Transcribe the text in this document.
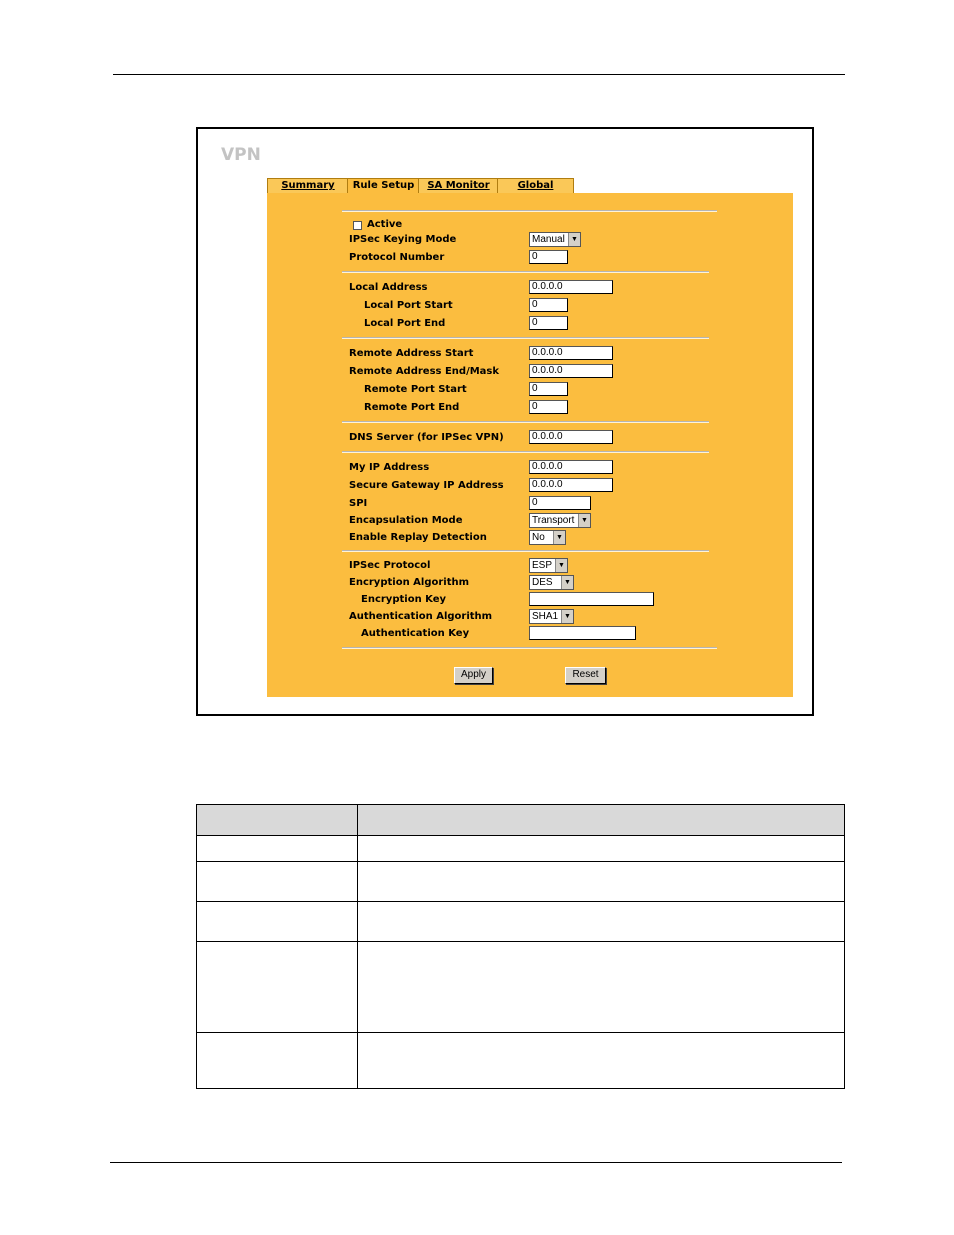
VPN
Summary	Rule Setup	SA Monitor	Global
Active
IPSec Keying Mode	Manual ▼
Protocol Number	0
Local Address	0.0.0.0
Local Port Start	0
Local Port End	0
Remote Address Start	0.0.0.0
Remote Address End/Mask	0.0.0.0
Remote Port Start	0
Remote Port End	0
DNS Server (for IPSec VPN)	0.0.0.0
My IP Address	0.0.0.0
Secure Gateway IP Address	0.0.0.0
SPI	0
Encapsulation Mode	Transport ▼
Enable Replay Detection	No	▼
IPSec Protocol	ESP ▼
Encryption Algorithm	DES	▼
Encryption Key
Authentication Algorithm	SHA1 ▼
Authentication Key
Apply	Reset
